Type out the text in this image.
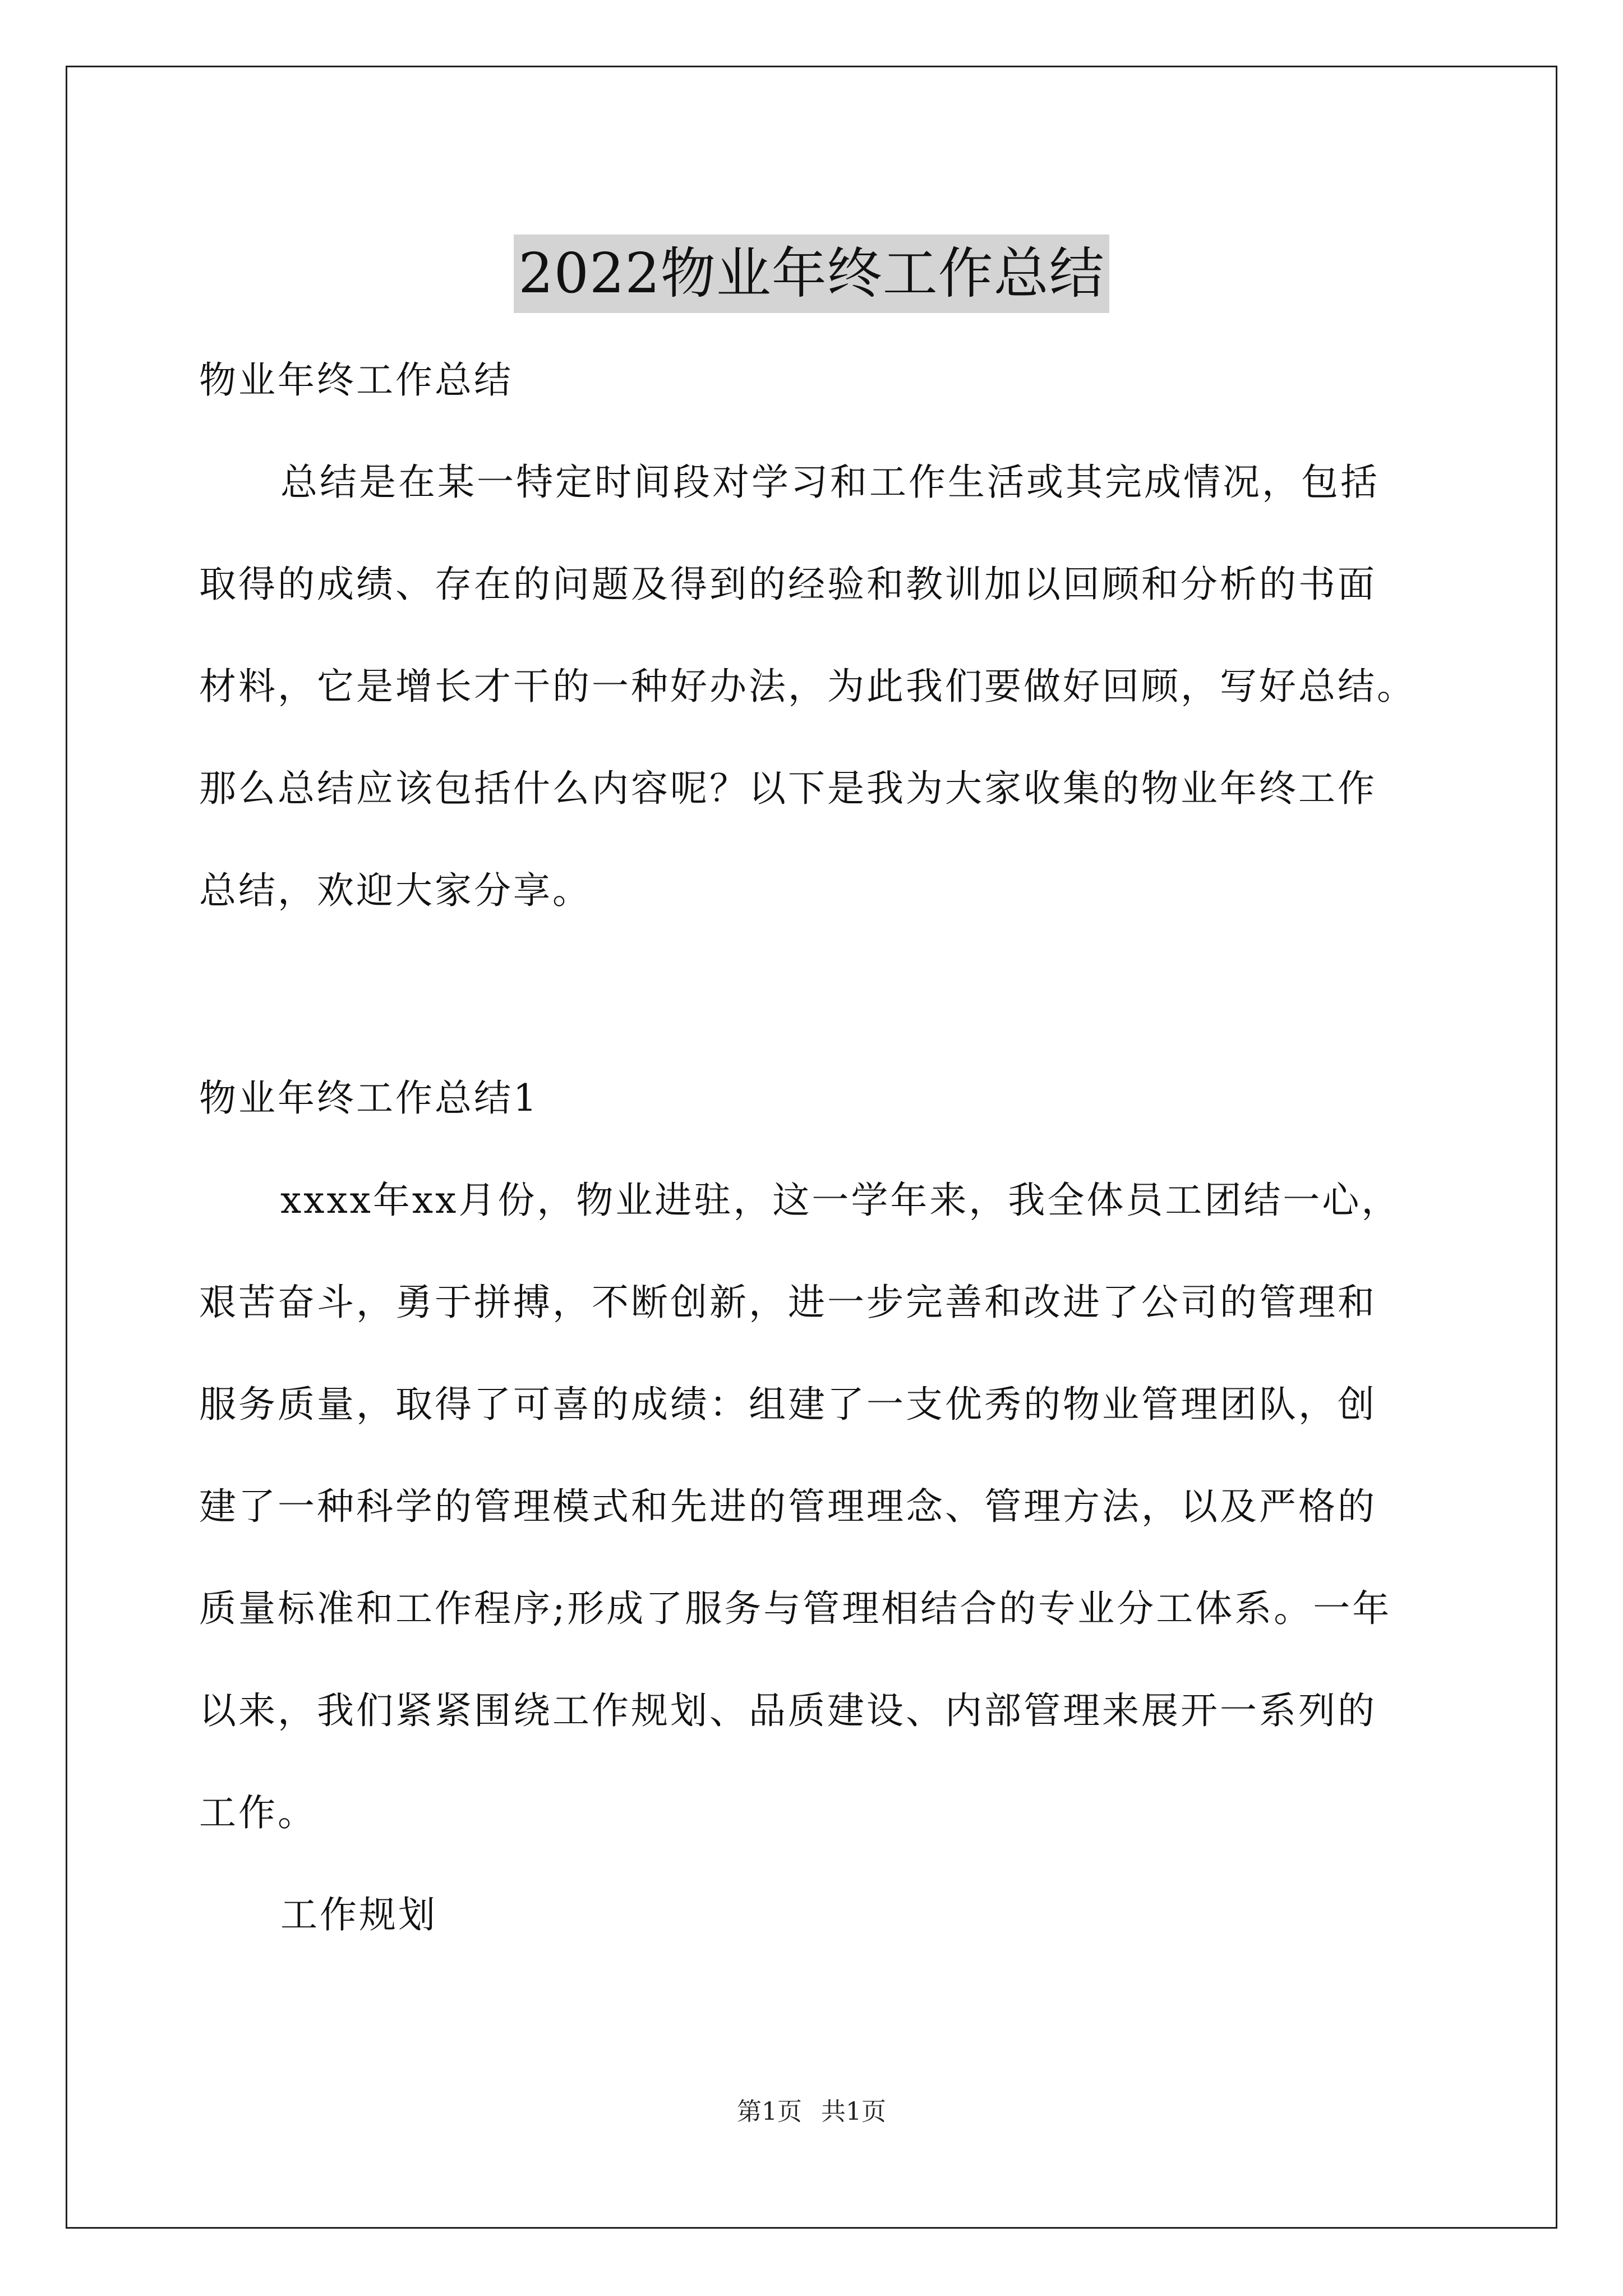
2022物业年终工作总结

物业年终工作总结

总结是在某一特定时间段对学习和工作生活或其完成情况，包括

取得的成绩、存在的问题及得到的经验和教训加以回顾和分析的书面

材料，它是增长才干的一种好办法，为此我们要做好回顾，写好总结。

那么总结应该包括什么内容呢？以下是我为大家收集的物业年终工作

总结，欢迎大家分享。

物业年终工作总结1

xxxx年xx月份，物业进驻，这一学年来，我全体员工团结一心，

艰苦奋斗，勇于拼搏，不断创新，进一步完善和改进了公司的管理和

服务质量，取得了可喜的成绩：组建了一支优秀的物业管理团队，创

建了一种科学的管理模式和先进的管理理念、管理方法，以及严格的

质量标准和工作程序;形成了服务与管理相结合的专业分工体系。一年

以来，我们紧紧围绕工作规划、品质建设、内部管理来展开一系列的

工作。

工作规划

第1页 共1页
